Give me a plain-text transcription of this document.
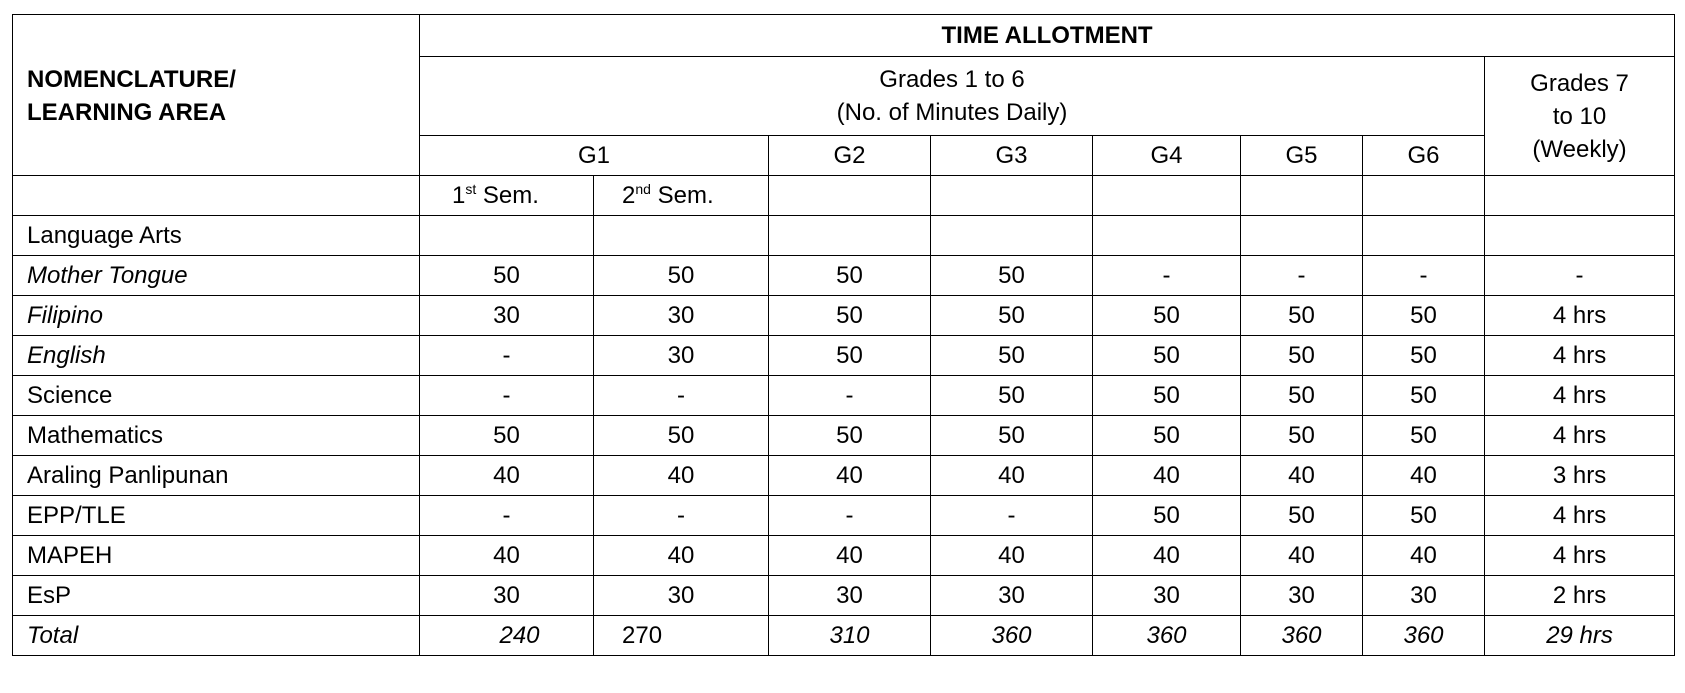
NOMENCLATURE/
LEARNING AREA	TIME ALLOTMENT							
	Grades 1 to 6
(No. of Minutes Daily)							Grades 7
to 10
(Weekly)
	G1		G2	G3	G4	G5	G6	
	1st Sem.	2nd Sem.						
Language Arts								
Mother Tongue	50	50	50	50	-	-	-	-
Filipino	30	30	50	50	50	50	50	4 hrs
English	-	30	50	50	50	50	50	4 hrs
Science	-	-	-	50	50	50	50	4 hrs
Mathematics	50	50	50	50	50	50	50	4 hrs
Araling Panlipunan	40	40	40	40	40	40	40	3 hrs
EPP/TLE	-	-	-	-	50	50	50	4 hrs
MAPEH	40	40	40	40	40	40	40	4 hrs
EsP	30	30	30	30	30	30	30	2 hrs
Total	240	270	310	360	360	360	360	29 hrs
